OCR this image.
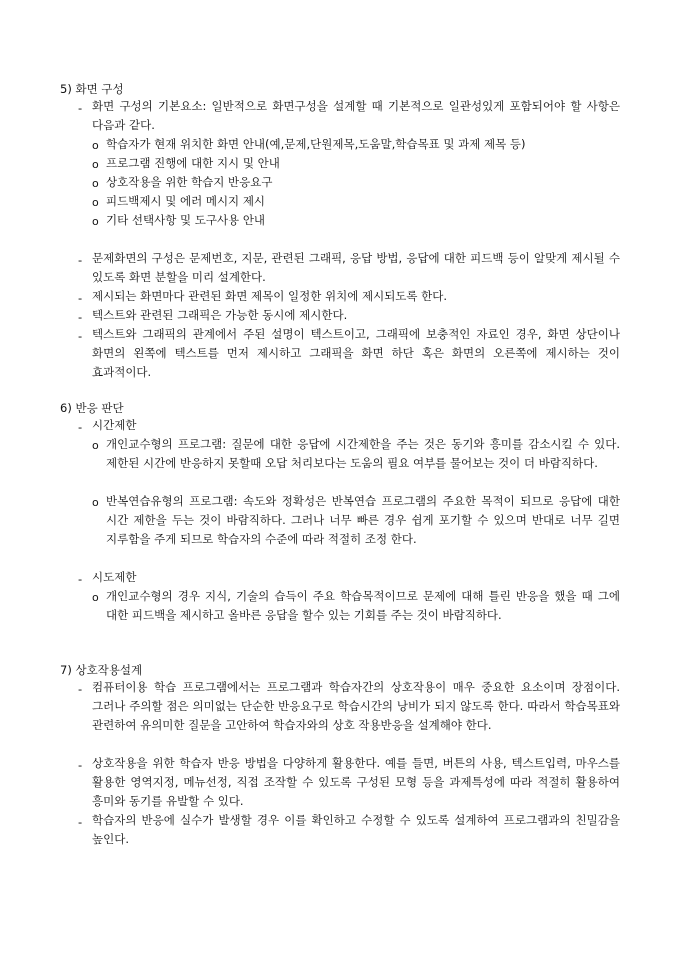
5) 화면 구성
- 화면 구성의 기본요소: 일반적으로 화면구성을 설계할 때 기본적으로 일관성있게 포함되어야 할 사항은 다음과 같다.
o 학습자가 현재 위치한 화면 안내(예,문제,단원제목,도움말,학습목표 및 과제 제목 등)
o 프로그램 진행에 대한 지시 및 안내
o 상호작용을 위한 학습지 반응요구
o 피드백제시 및 에러 메시지 제시
o 기타 선택사항 및 도구사용 안내
- 문제화면의 구성은 문제번호, 지문, 관련된 그래픽, 응답 방법, 응답에 대한 피드백 등이 알맞게 제시될 수 있도록 화면 분할을 미리 설계한다.
- 제시되는 화면마다 관련된 화면 제목이 일정한 위치에 제시되도록 한다.
- 텍스트와 관련된 그래픽은 가능한 동시에 제시한다.
- 텍스트와 그래픽의 관계에서 주된 설명이 텍스트이고, 그래픽에 보충적인 자료인 경우, 화면 상단이나 화면의 왼쪽에 텍스트를 먼저 제시하고 그래픽을 화면 하단 혹은 화면의 오른쪽에 제시하는 것이 효과적이다.
6) 반응 판단
- 시간제한
o 개인교수형의 프로그램: 질문에 대한 응답에 시간제한을 주는 것은 동기와 흥미를 감소시킬 수 있다. 제한된 시간에 반응하지 못할때 오답 처리보다는 도움의 필요 여부를 물어보는 것이 더 바람직하다.
o 반복연습유형의 프로그램: 속도와 정확성은 반복연습 프로그램의 주요한 목적이 되므로 응답에 대한 시간 제한을 두는 것이 바람직하다. 그러나 너무 빠른 경우 쉽게 포기할 수 있으며 반대로 너무 길면 지루함을 주게 되므로 학습자의 수준에 따라 적절히 조정 한다.
- 시도제한
o 개인교수형의 경우 지식, 기술의 습득이 주요 학습목적이므로 문제에 대해 틀린 반응을 했을 때 그에 대한 피드백을 제시하고 올바른 응답을 할수 있는 기회를 주는 것이 바람직하다.
7) 상호작용설계
- 컴퓨터이용 학습 프로그램에서는 프로그램과 학습자간의 상호작용이 매우 중요한 요소이며 장점이다. 그러나 주의할 점은 의미없는 단순한 반응요구로 학습시간의 낭비가 되지 않도록 한다. 따라서 학습목표와 관련하여 유의미한 질문을 고안하여 학습자와의 상호 작용반응을 설계해야 한다.
- 상호작용을 위한 학습자 반응 방법을 다양하게 활용한다. 예를 들면, 버튼의 사용, 텍스트입력, 마우스를 활용한 영역지정, 메뉴선정, 직접 조작할 수 있도록 구성된 모형 등을 과제특성에 따라 적절히 활용하여 흥미와 동기를 유발할 수 있다.
- 학습자의 반응에 실수가 발생할 경우 이를 확인하고 수정할 수 있도록 설계하여 프로그램과의 친밀감을 높인다.
